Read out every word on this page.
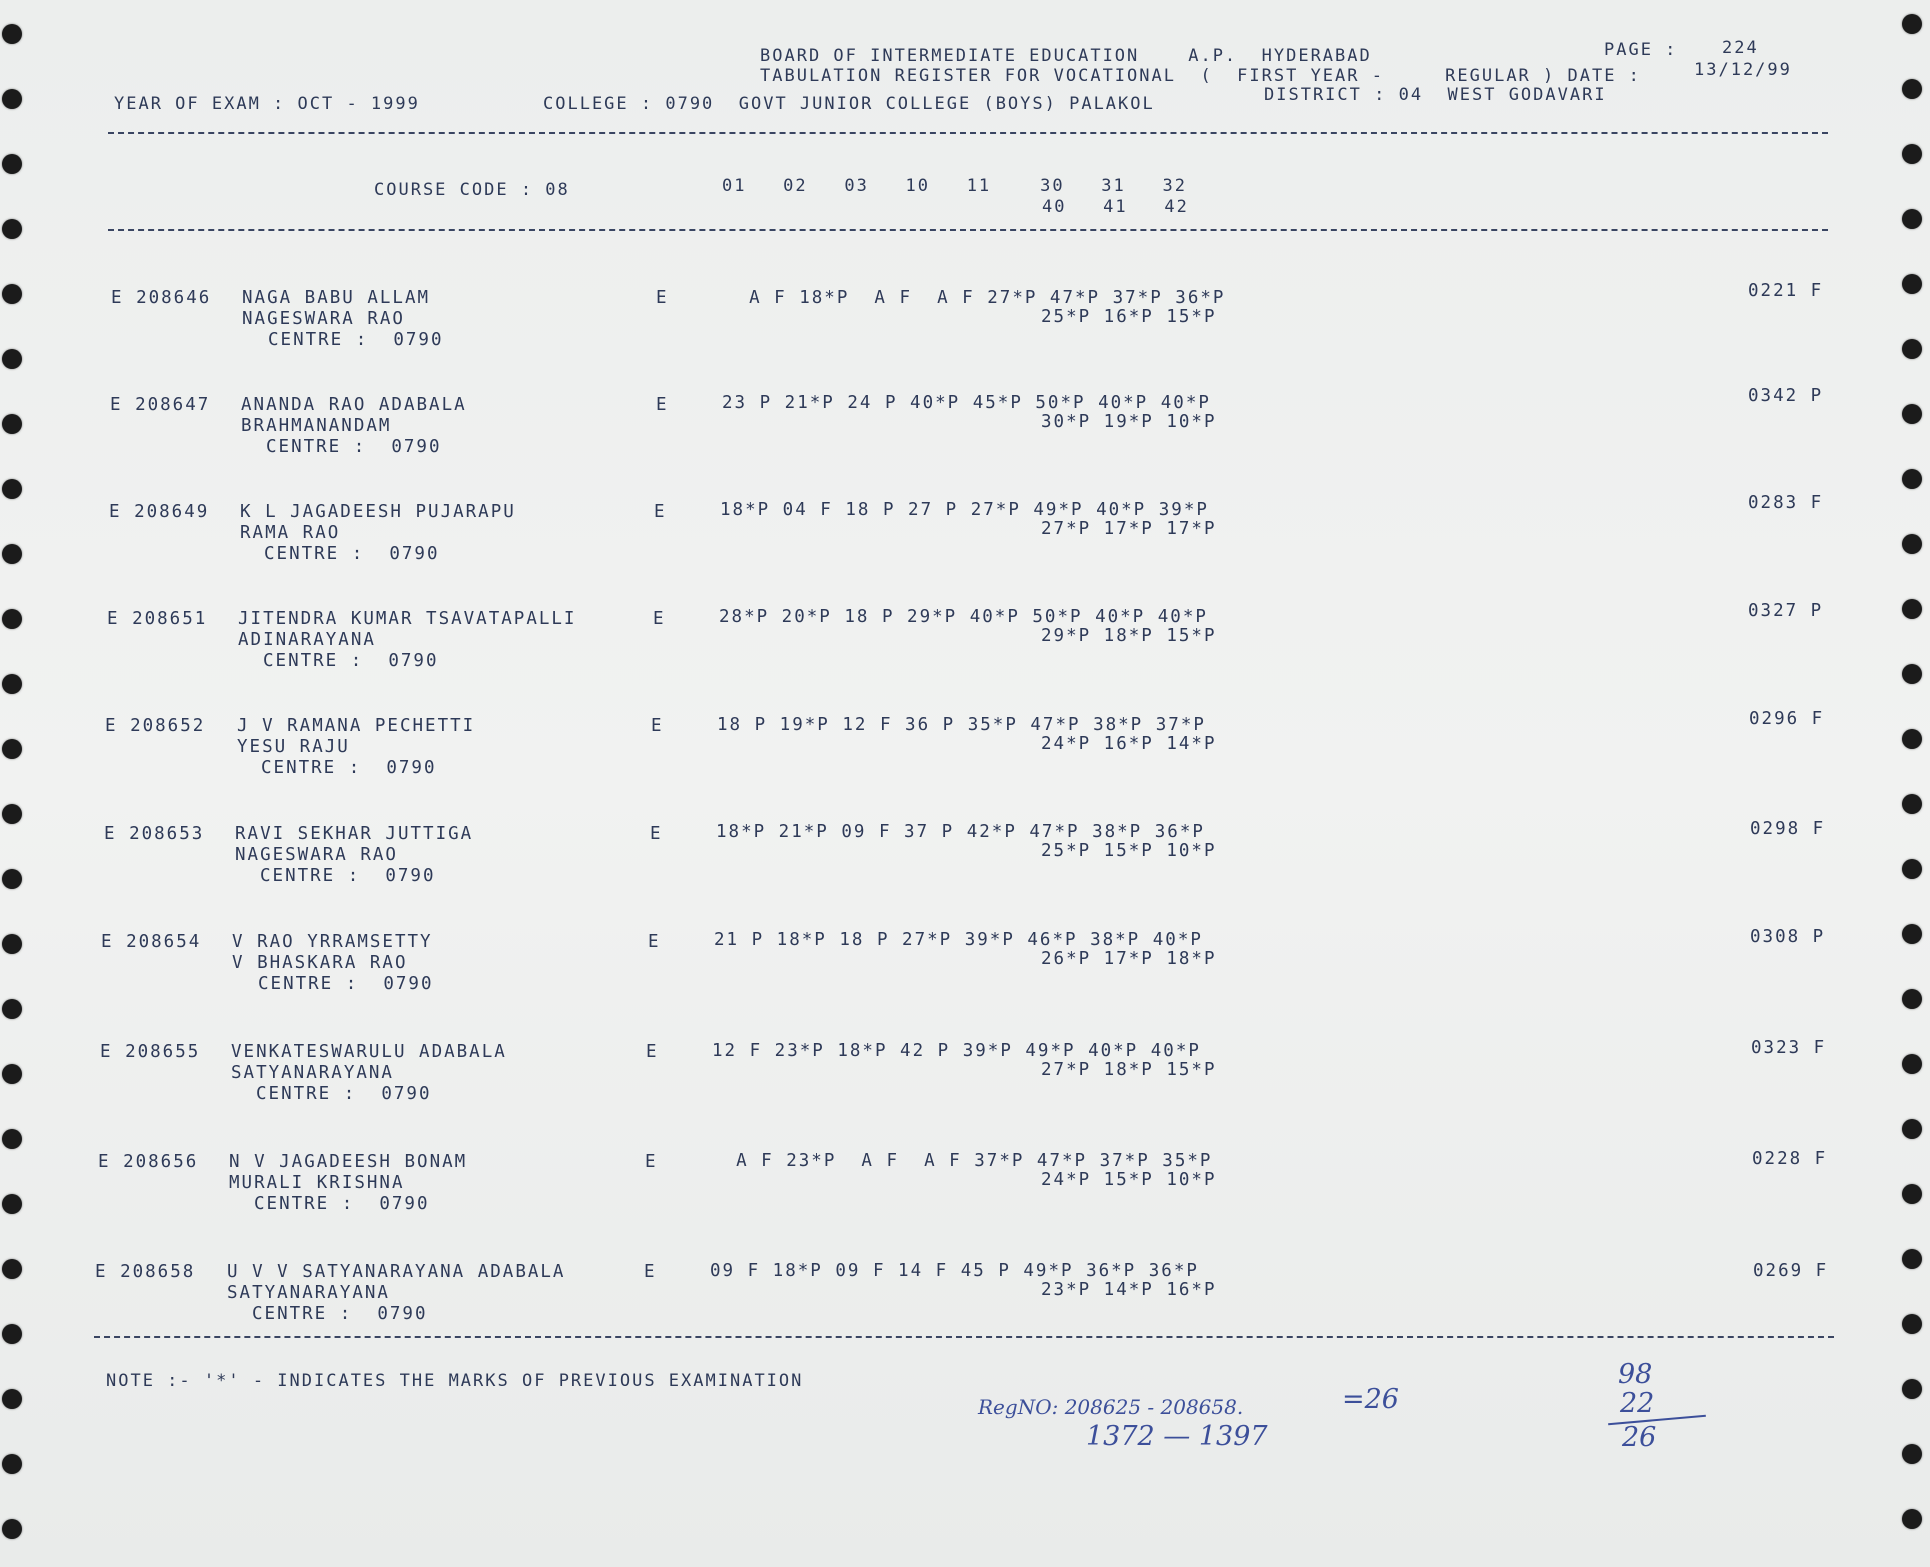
BOARD OF INTERMEDIATE EDUCATION    A.P.  HYDERABAD	PAGE :	224
TABULATION REGISTER FOR VOCATIONAL  (  FIRST YEAR -     REGULAR ) DATE :	13/12/99
YEAR OF EXAM : OCT - 1999	COLLEGE : 0790  GOVT JUNIOR COLLEGE (BOYS) PALAKOL	DISTRICT : 04  WEST GODAVARI
COURSE CODE : 08	01   02   03   10   11    30   31   32
40   41   42
E 208646 NAGA BABU ALLAM
NAGESWARA RAO
CENTRE :  0790
E	A F 18*P  A F  A F 27*P 47*P 37*P 36*P
25*P 16*P 15*P
0221 F
E 208647 ANANDA RAO ADABALA
BRAHMANANDAM
CENTRE :  0790
E	23 P 21*P 24 P 40*P 45*P 50*P 40*P 40*P
30*P 19*P 10*P
0342 P
E 208649 K L JAGADEESH PUJARAPU
RAMA RAO
CENTRE :  0790
E	18*P 04 F 18 P 27 P 27*P 49*P 40*P 39*P
27*P 17*P 17*P
0283 F
E 208651 JITENDRA KUMAR TSAVATAPALLI
ADINARAYANA
CENTRE :  0790
E	28*P 20*P 18 P 29*P 40*P 50*P 40*P 40*P
29*P 18*P 15*P
0327 P
E 208652 J V RAMANA PECHETTI
YESU RAJU
CENTRE :  0790
E	18 P 19*P 12 F 36 P 35*P 47*P 38*P 37*P
24*P 16*P 14*P
0296 F
E 208653 RAVI SEKHAR JUTTIGA
NAGESWARA RAO
CENTRE :  0790
E	18*P 21*P 09 F 37 P 42*P 47*P 38*P 36*P
25*P 15*P 10*P
0298 F
E 208654 V RAO YRRAMSETTY
V BHASKARA RAO
CENTRE :  0790
E	21 P 18*P 18 P 27*P 39*P 46*P 38*P 40*P
26*P 17*P 18*P
0308 P
E 208655 VENKATESWARULU ADABALA
SATYANARAYANA
CENTRE :  0790
E	12 F 23*P 18*P 42 P 39*P 49*P 40*P 40*P
27*P 18*P 15*P
0323 F
E 208656 N V JAGADEESH BONAM
MURALI KRISHNA
CENTRE :  0790
E	A F 23*P  A F  A F 37*P 47*P 37*P 35*P
24*P 15*P 10*P
0228 F
E 208658 U V V SATYANARAYANA ADABALA
SATYANARAYANA
CENTRE :  0790
E	09 F 18*P 09 F 14 F 45 P 49*P 36*P 36*P
23*P 14*P 16*P
0269 F
NOTE :- '*' - INDICATES THE MARKS OF PREVIOUS EXAMINATION
RegNO: 208625 - 208658.	=26
1372 — 1397
98
22
26
